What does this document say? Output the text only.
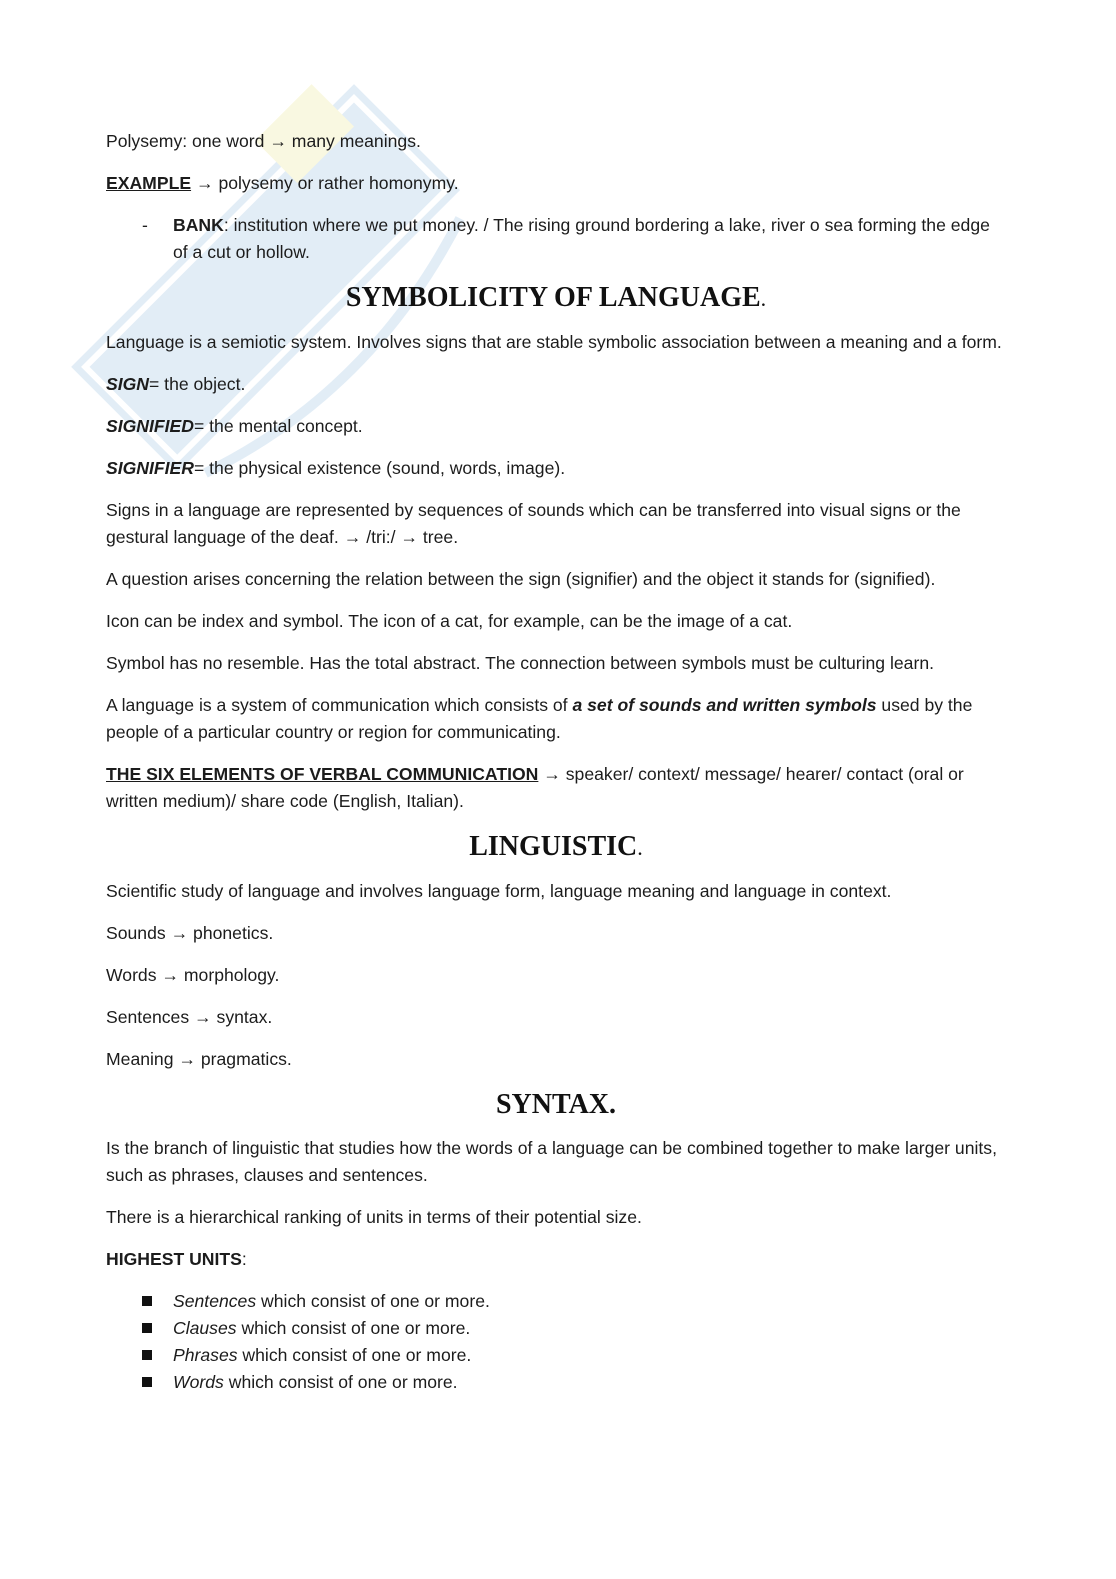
Polysemy: one word → many meanings.

EXAMPLE → polysemy or rather homonymy.

- BANK: institution where we put money. / The rising ground bordering a lake, river o sea forming the edge of a cut or hollow.
SYMBOLICITY OF LANGUAGE.

Language is a semiotic system. Involves signs that are stable symbolic association between a meaning and a form.

SIGN= the object.

SIGNIFIED= the mental concept.

SIGNIFIER= the physical existence (sound, words, image).

Signs in a language are represented by sequences of sounds which can be transferred into visual signs or the gestural language of the deaf. → /tri:/ → tree.

A question arises concerning the relation between the sign (signifier) and the object it stands for (signified).

Icon can be index and symbol. The icon of a cat, for example, can be the image of a cat.

Symbol has no resemble. Has the total abstract. The connection between symbols must be culturing learn.

A language is a system of communication which consists of a set of sounds and written symbols used by the people of a particular country or region for communicating.

THE SIX ELEMENTS OF VERBAL COMMUNICATION → speaker/ context/ message/ hearer/ contact (oral or written medium)/ share code (English, Italian).

LINGUISTIC.

Scientific study of language and involves language form, language meaning and language in context.

Sounds → phonetics.

Words → morphology.

Sentences → syntax.

Meaning → pragmatics.

SYNTAX.

Is the branch of linguistic that studies how the words of a language can be combined together to make larger units, such as phrases, clauses and sentences.

There is a hierarchical ranking of units in terms of their potential size.

HIGHEST UNITS:

Sentences which consist of one or more.
Clauses which consist of one or more.
Phrases which consist of one or more.
Words which consist of one or more.
